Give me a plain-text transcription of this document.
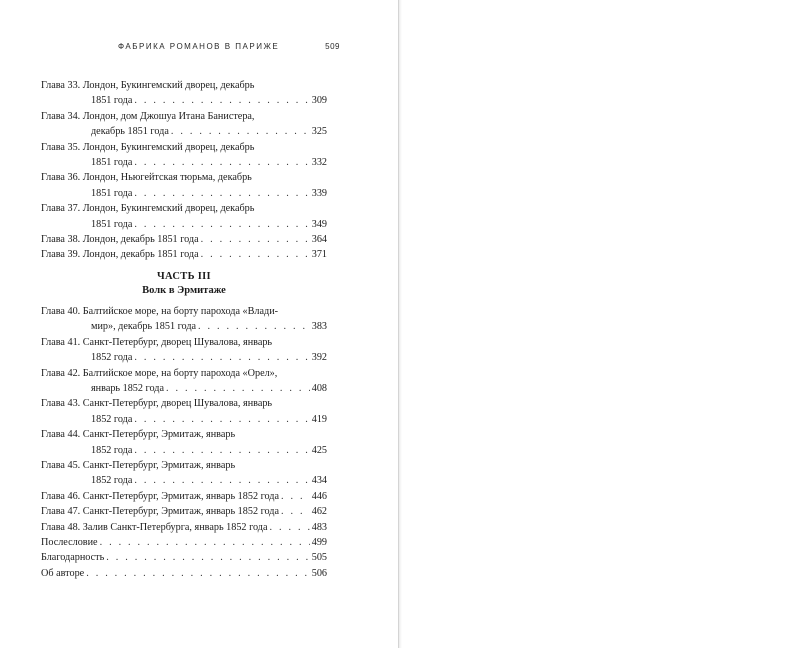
ФАБРИКА РОМАНОВ В ПАРИЖЕ	509
Глава 33.
Лондон, Букингемский дворец, декабрь
1851 года . . .	309
Глава 34.
Лондон, дом Джошуа Итана Банистера,
декабрь 1851 года . . .	325
Глава 35.
Лондон, Букингемский дворец, декабрь
1851 года . . .	332
Глава 36.
Лондон, Ньюгейтская тюрьма, декабрь
1851 года . . .	339
Глава 37.
Лондон, Букингемский дворец, декабрь
1851 года . . .	349
Глава 38.
Лондон, декабрь 1851 года . . .	364
Глава 39.
Лондон, декабрь 1851 года . . .	371
ЧАСТЬ III
Волк в Эрмитаже
Глава 40.
Балтийское море, на борту парохода «Влади-
мир», декабрь 1851 года . . .	383
Глава 41.
Санкт-Петербург, дворец Шувалова, январь
1852 года . . .	392
Глава 42.
Балтийское море, на борту парохода «Орел»,
январь 1852 года . . .	408
Глава 43.
Санкт-Петербург, дворец Шувалова, январь
1852 года . . .	419
Глава 44.
Санкт-Петербург, Эрмитаж, январь
1852 года . . .	425
Глава 45.
Санкт-Петербург, Эрмитаж, январь
1852 года . . .	434
Глава 46.
Санкт-Петербург, Эрмитаж, январь 1852 года . . .	446
Глава 47.
Санкт-Петербург, Эрмитаж, январь 1852 года . . .	462
Глава 48.
Залив Санкт-Петербурга, январь 1852 года . . .	483
Послесловие . . .	499
Благодарность . . .	505
Об авторе . . .	506
